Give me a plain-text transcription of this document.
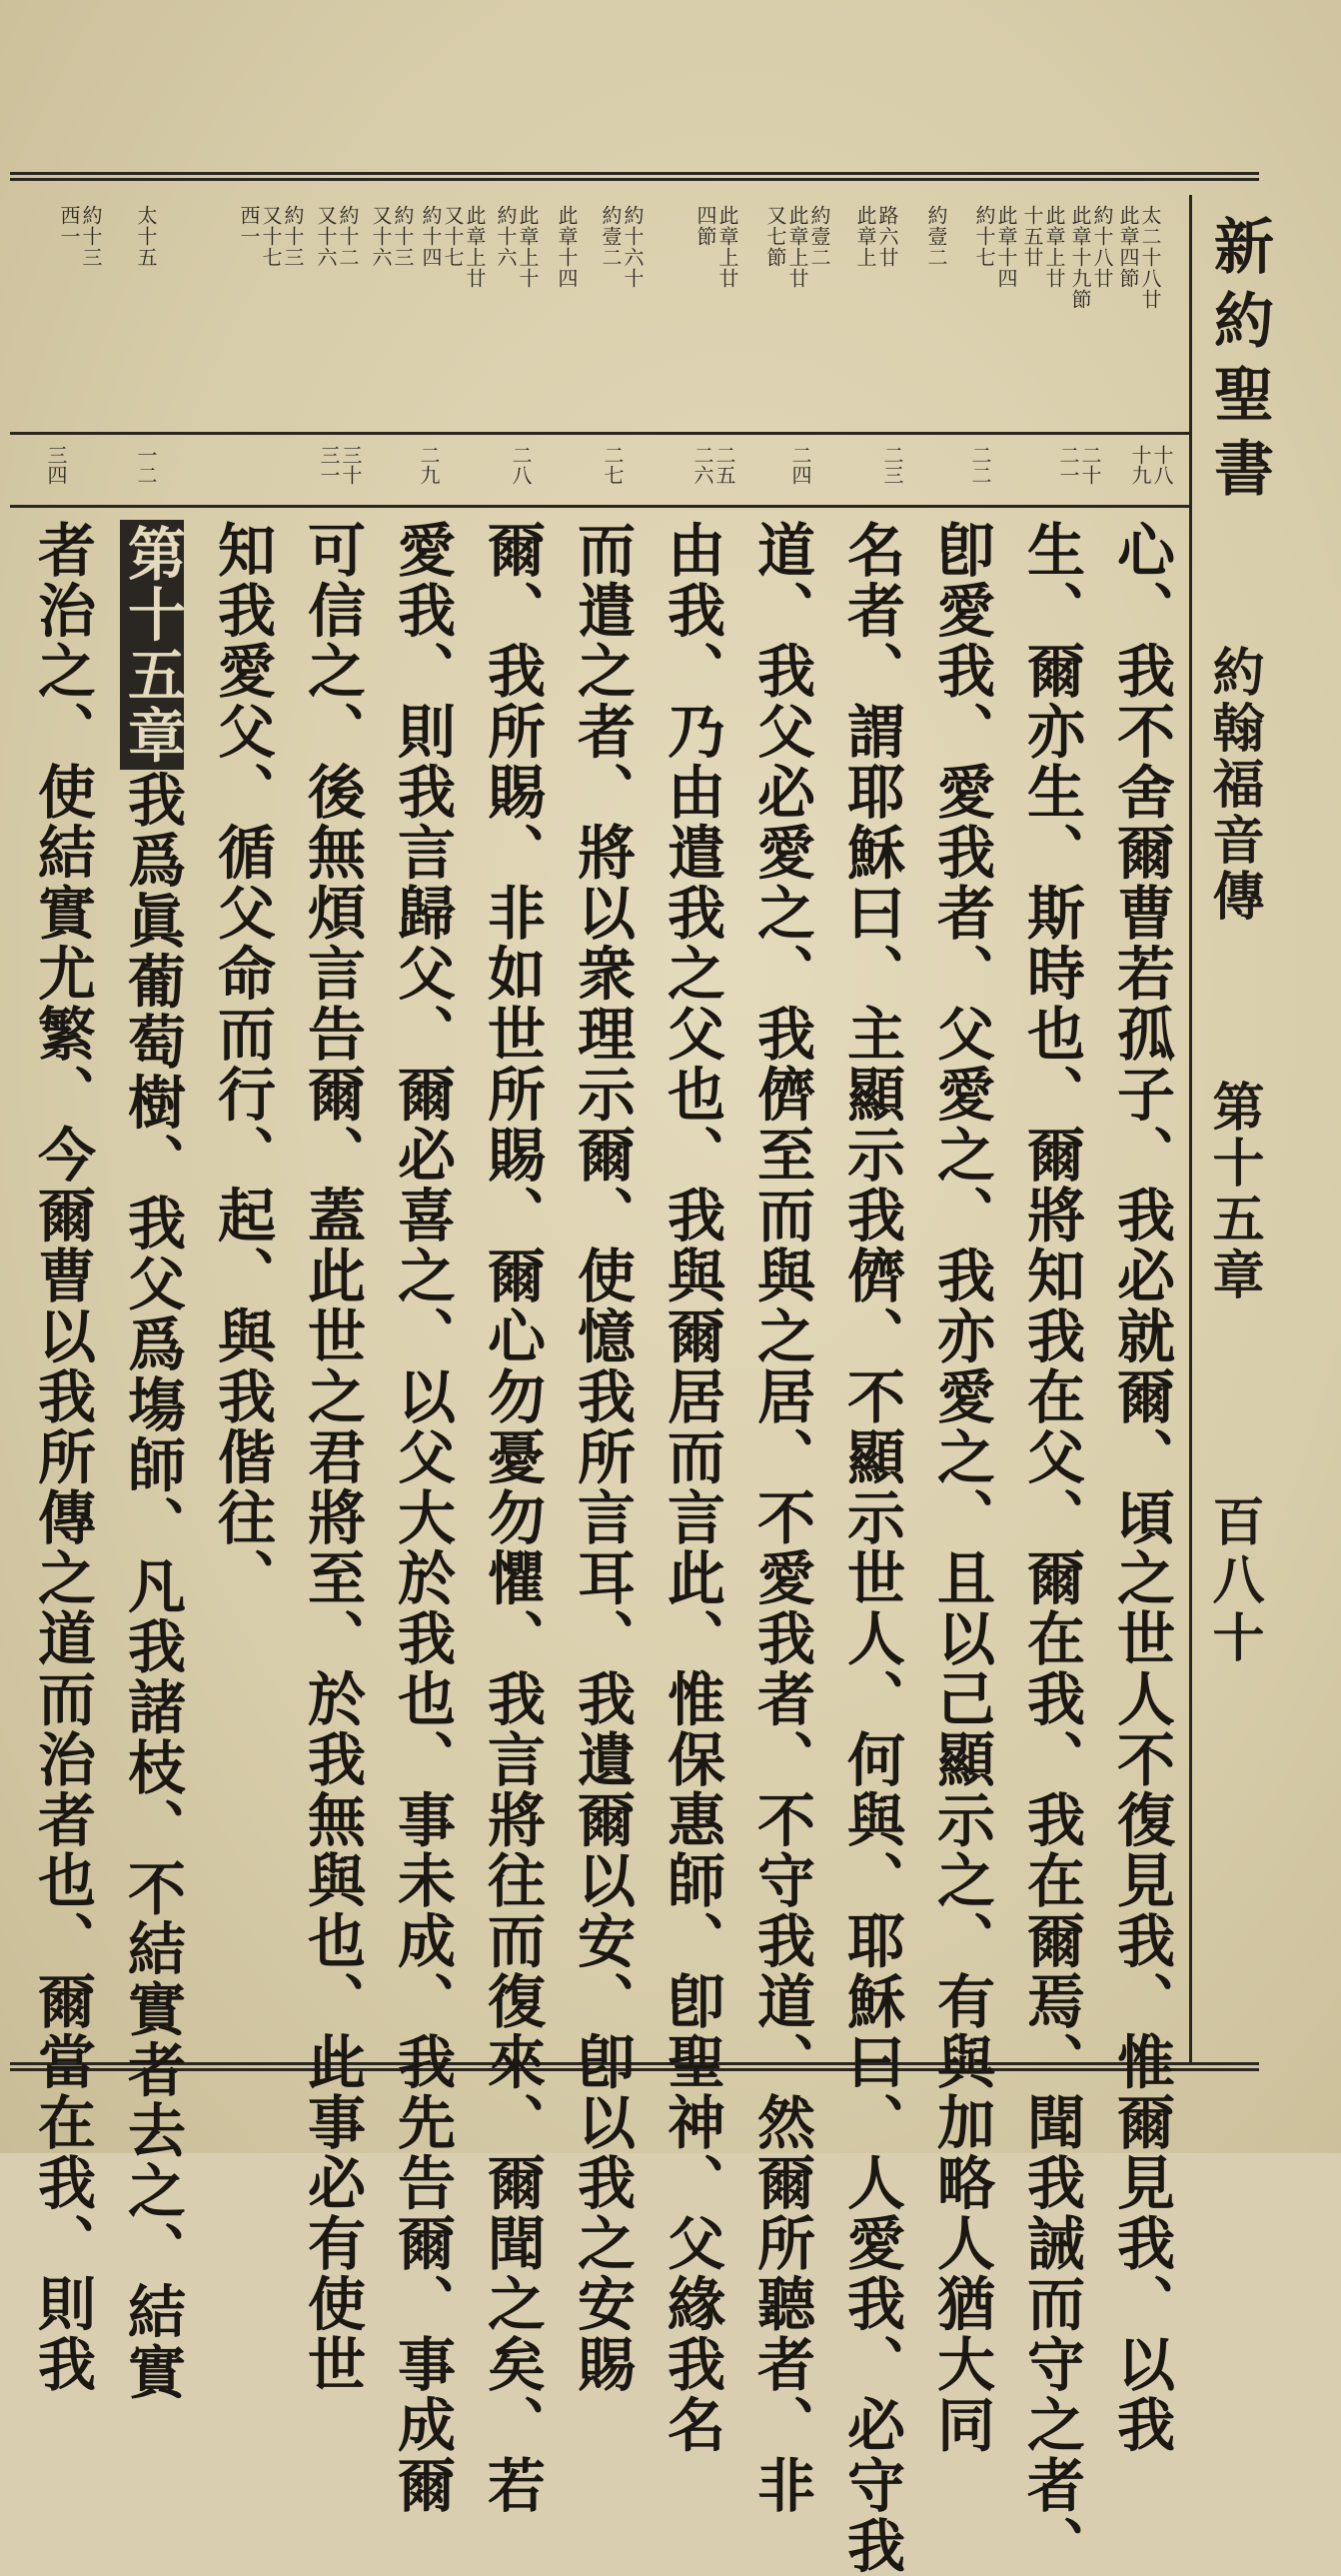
新約聖書
約翰福音傳
第十五章
百八十
太二十八廿
此章四節
約十八廿
此章十九節
此章上廿
十五廿
此章十四
約十七
約壹二
路六廿
此章上
約壹二
此章上廿
又七節
此章上廿
四節
約十六十
約壹二
此章十四
此章上十
約十六
此章上廿
又十七
約十四
約十三
又十六
約十二
又十六
約十三
又十七
西一
太十五
約十三
西一
十八十九
二十二一
二二
二三
二四
二五二六
二七
二八
二九
三十三一
一二
三四
心、我不舍爾曹若孤子、我必就爾、頃之世人不復見我、惟爾見我、以我
生、爾亦生、斯時也、爾將知我在父、爾在我、我在爾焉、聞我誡而守之者、
卽愛我、愛我者、父愛之、我亦愛之、且以己顯示之、有與加略人猶大同
名者、謂耶穌曰、主顯示我儕、不顯示世人、何與、耶穌曰、人愛我、必守我
道、我父必愛之、我儕至而與之居、不愛我者、不守我道、然爾所聽者、非
由我、乃由遣我之父也、我與爾居而言此、惟保惠師、卽聖神、父緣我名
而遣之者、將以衆理示爾、使憶我所言耳、我遺爾以安、卽以我之安賜
爾、我所賜、非如世所賜、爾心勿憂勿懼、我言將往而復來、爾聞之矣、若
愛我、則我言歸父、爾必喜之、以父大於我也、事未成、我先告爾、事成爾
可信之、後無煩言告爾、蓋此世之君將至、於我無與也、此事必有使世
知我愛父、循父命而行、起、與我偕往、
第十五章我爲眞葡萄樹、我父爲塲師、凡我諸枝、不結實者去之、結實
者治之、使結實尤繁、今爾曹以我所傳之道而治者也、爾當在我、則我
